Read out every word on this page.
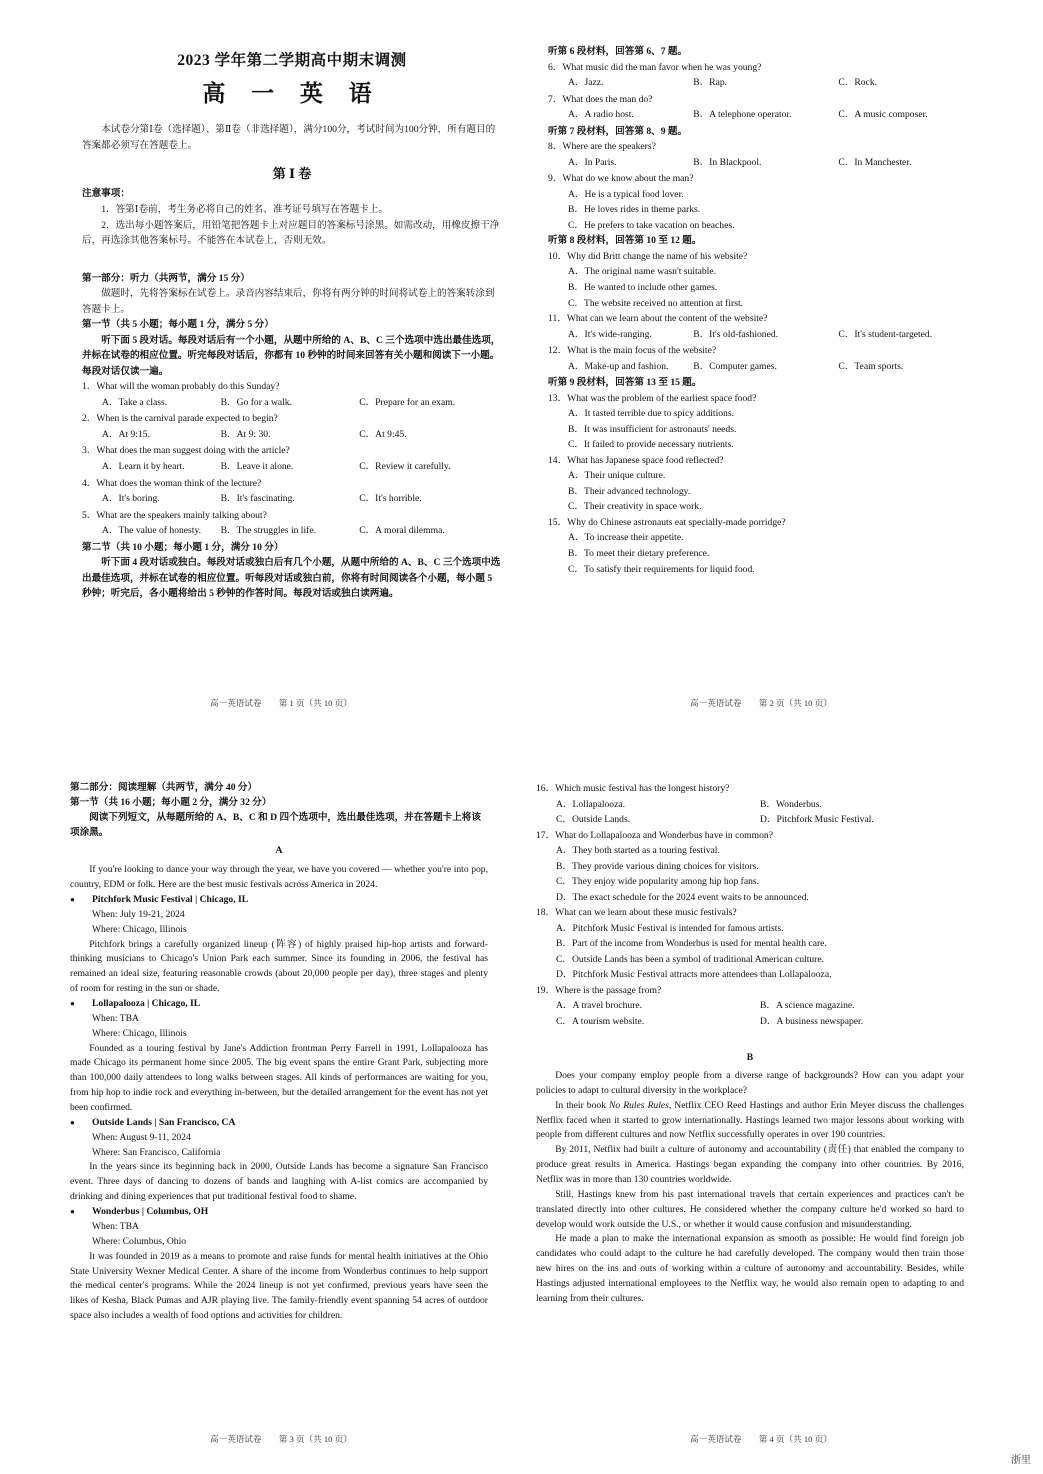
2023 学年第二学期高中期末调测
高 一 英 语

本试卷分第Ⅰ卷（选择题）、第Ⅱ卷（非选择题），满分100分，考试时间为100分钟，所有题目的答案都必须写在答题卷上。

第 Ⅰ 卷

注意事项：

1．答第Ⅰ卷前，考生务必将自己的姓名、准考证号填写在答题卡上。

2．选出每小题答案后，用铅笔把答题卡上对应题目的答案标号涂黑。如需改动，用橡皮擦干净后，再选涂其他答案标号。不能答在本试卷上，否则无效。

第一部分：听力（共两节，满分 15 分）

做题时，先将答案标在试卷上。录音内容结束后，你将有两分钟的时间将试卷上的答案转涂到答题卡上。

第一节（共 5 小题；每小题 1 分，满分 5 分）

听下面 5 段对话。每段对话后有一个小题，从题中所给的 A、B、C 三个选项中选出最佳选项，并标在试卷的相应位置。听完每段对话后，你都有 10 秒钟的时间来回答有关小题和阅读下一小题。每段对话仅读一遍。

1．What will the woman probably do this Sunday?

A．Take a class.	B．Go for a walk.	C．Prepare for an exam.

2．When is the carnival parade expected to begin?

A．At 9:15.	B．At 9: 30.	C．At 9:45.

3．What does the man suggest doing with the article?

A．Learn it by heart.	B．Leave it alone.	C．Review it carefully.

4．What does the woman think of the lecture?

A．It's boring.	B．It's fascinating.	C．It's horrible.

5．What are the speakers mainly talking about?

A．The value of honesty.	B．The struggles in life.	C．A moral dilemma.

第二节（共 10 小题；每小题 1 分，满分 10 分）

听下面 4 段对话或独白。每段对话或独白后有几个小题，从题中所给的 A、B、C 三个选项中选出最佳选项，并标在试卷的相应位置。听每段对话或独白前，你将有时间阅读各个小题，每小题 5 秒钟；听完后，各小题将给出 5 秒钟的作答时间。每段对话或独白读两遍。

高一英语试卷　　第 1 页（共 10 页）

听第 6 段材料，回答第 6、7 题。

6．What music did the man favor when he was young?

A．Jazz.	B．Rap.	C．Rock.

7．What does the man do?

A．A radio host.	B．A telephone operator.	C．A music composer.

听第 7 段材料，回答第 8、9 题。

8．Where are the speakers?

A．In Paris.	B．In Blackpool.	C．In Manchester.

9．What do we know about the man?

A．He is a typical food lover.

B．He loves rides in theme parks.

C．He prefers to take vacation on beaches.

听第 8 段材料，回答第 10 至 12 题。

10．Why did Britt change the name of his website?

A．The original name wasn't suitable.

B．He wanted to include other games.

C．The website received no attention at first.

11．What can we learn about the content of the website?

A．It's wide-ranging.	B．It's old-fashioned.	C．It's student-targeted.

12．What is the main focus of the website?

A．Make-up and fashion.	B．Computer games.	C．Team sports.

听第 9 段材料，回答第 13 至 15 题。

13．What was the problem of the earliest space food?

A．It tasted terrible due to spicy additions.

B．It was insufficient for astronauts' needs.

C．It failed to provide necessary nutrients.

14．What has Japanese space food reflected?

A．Their unique culture.

B．Their advanced technology.

C．Their creativity in space work.

15．Why do Chinese astronauts eat specially-made porridge?

A．To increase their appetite.

B．To meet their dietary preference.

C．To satisfy their requirements for liquid food.

高一英语试卷　　第 2 页（共 10 页）

第二部分：阅读理解（共两节，满分 40 分）

第一节（共 16 小题；每小题 2 分，满分 32 分）

阅读下列短文，从每题所给的 A、B、C 和 D 四个选项中，选出最佳选项，并在答题卡上将该项涂黑。

A

If you're looking to dance your way through the year, we have you covered — whether you're into pop, country, EDM or folk. Here are the best music festivals across America in 2024.

● Pitchfork Music Festival | Chicago, IL

When: July 19-21, 2024

Where: Chicago, Illinois

Pitchfork brings a carefully organized lineup (阵容) of highly praised hip-hop artists and forward-thinking musicians to Chicago's Union Park each summer. Since its founding in 2006, the festival has remained an ideal size, featuring reasonable crowds (about 20,000 people per day), three stages and plenty of room for resting in the sun or shade.

● Lollapalooza | Chicago, IL

When: TBA

Where: Chicago, Illinois

Founded as a touring festival by Jane's Addiction frontman Perry Farrell in 1991, Lollapalooza has made Chicago its permanent home since 2005. The big event spans the entire Grant Park, subjecting more than 100,000 daily attendees to long walks between stages. All kinds of performances are waiting for you, from hip hop to indie rock and everything in-between, but the detailed arrangement for the event has not yet been confirmed.

● Outside Lands | San Francisco, CA

When: August 9-11, 2024

Where: San Francisco, California

In the years since its beginning back in 2000, Outside Lands has become a signature San Francisco event. Three days of dancing to dozens of bands and laughing with A-list comics are accompanied by drinking and dining experiences that put traditional festival food to shame.

● Wonderbus | Columbus, OH

When: TBA

Where: Columbus, Ohio

It was founded in 2019 as a means to promote and raise funds for mental health initiatives at the Ohio State University Wexner Medical Center. A share of the income from Wonderbus continues to help support the medical center's programs. While the 2024 lineup is not yet confirmed, previous years have seen the likes of Kesha, Black Pumas and AJR playing live. The family-friendly event spanning 54 acres of outdoor space also includes a wealth of food options and activities for children.

高一英语试卷　　第 3 页（共 10 页）

16．Which music festival has the longest history?

A．Lollapalooza.	B．Wonderbus.
C．Outside Lands.	D．Pitchfork Music Festival.

17．What do Lollapalooza and Wonderbus have in common?

A．They both started as a touring festival.

B．They provide various dining choices for visitors.

C．They enjoy wide popularity among hip hop fans.

D．The exact schedule for the 2024 event waits to be announced.

18．What can we learn about these music festivals?

A．Pitchfork Music Festival is intended for famous artists.

B．Part of the income from Wonderbus is used for mental health care.

C．Outside Lands has been a symbol of traditional American culture.

D．Pitchfork Music Festival attracts more attendees than Lollapalooza.

19．Where is the passage from?

A．A travel brochure.	B．A science magazine.
C．A tourism website.	D．A business newspaper.
B

Does your company employ people from a diverse range of backgrounds? How can you adapt your policies to adapt to cultural diversity in the workplace?

In their book No Rules Rules, Netflix CEO Reed Hastings and author Erin Meyer discuss the challenges Netflix faced when it started to grow internationally. Hastings learned two major lessons about working with people from different cultures and now Netflix successfully operates in over 190 countries.

By 2011, Netflix had built a culture of autonomy and accountability (责任) that enabled the company to produce great results in America. Hastings began expanding the company into other countries. By 2016, Netflix was in more than 130 countries worldwide.

Still, Hastings knew from his past international travels that certain experiences and practices can't be translated directly into other cultures. He considered whether the company culture he'd worked so hard to develop would work outside the U.S., or whether it would cause confusion and misunderstanding.

He made a plan to make the international expansion as smooth as possible: He would find foreign job candidates who could adapt to the culture he had carefully developed. The company would then train those new hires on the ins and outs of working within a culture of autonomy and accountability. Besides, while Hastings adjusted international employees to the Netflix way, he would also remain open to adapting to and learning from their cultures.

高一英语试卷　　第 4 页（共 10 页）
浙里
